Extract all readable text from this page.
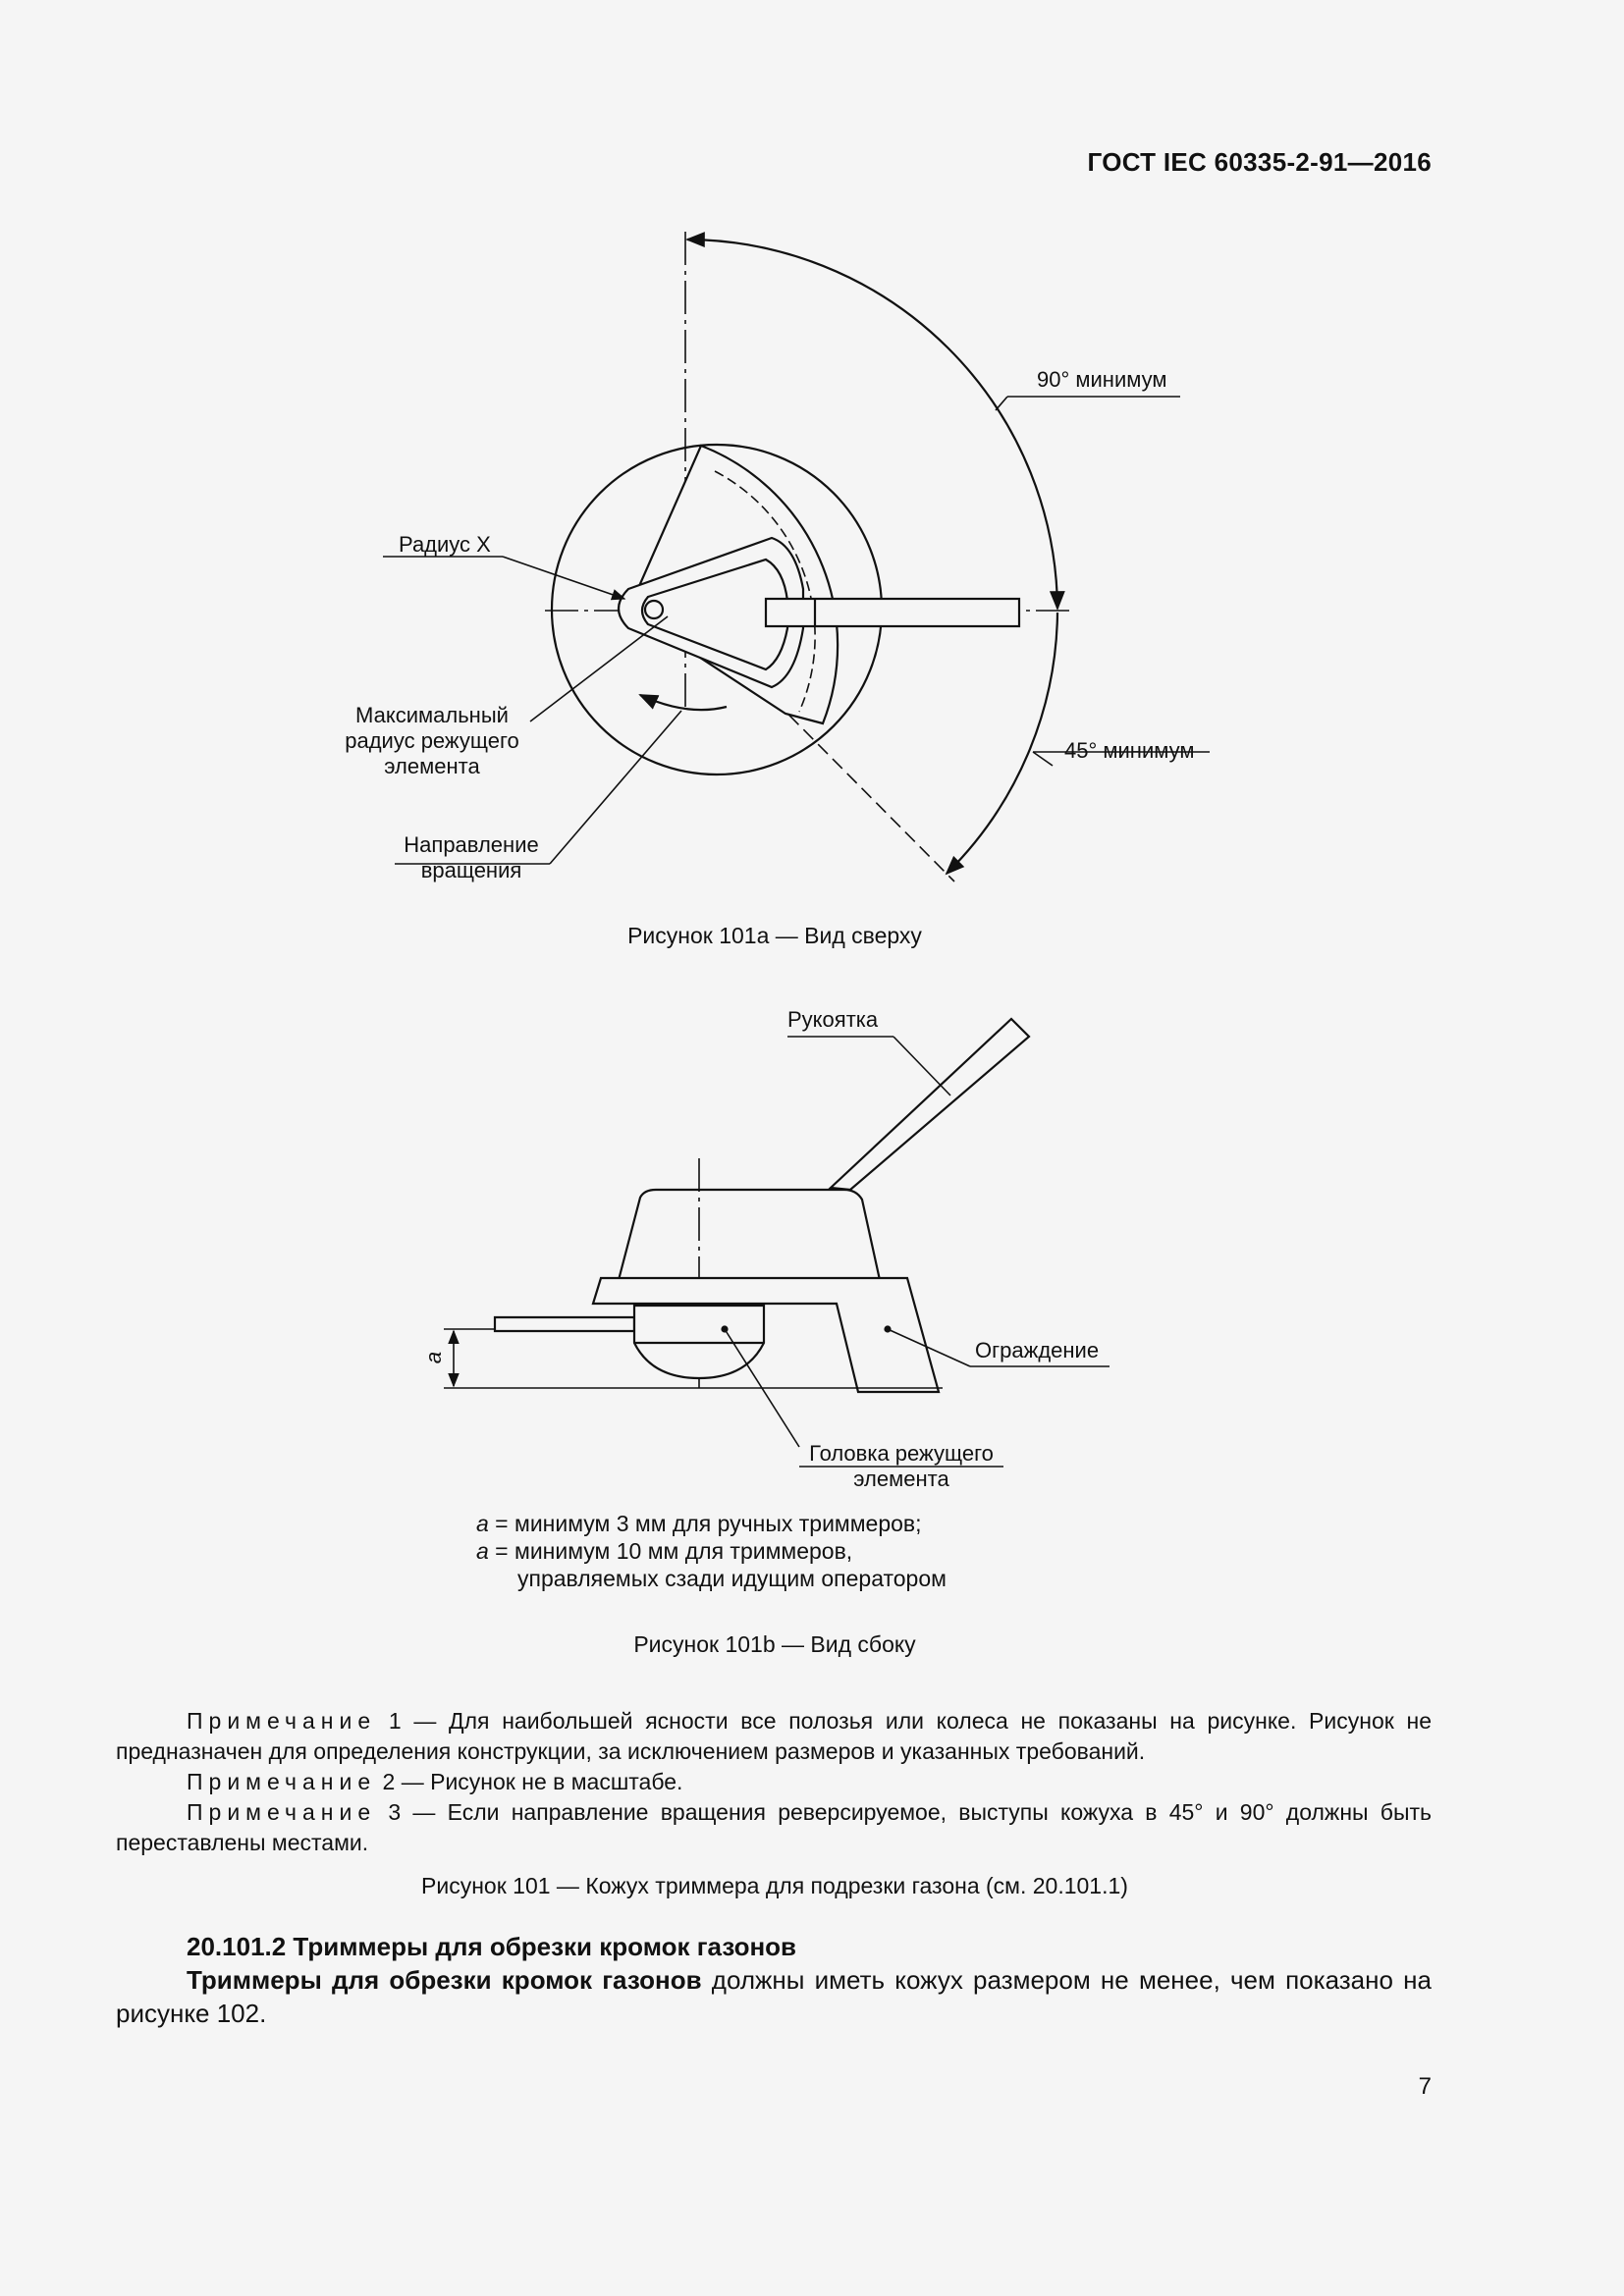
ГОСТ IEC 60335-2-91—2016
90° минимум
45° минимум
Радиус X
Максимальный радиус режущего элемента
Направление вращения
Рисунок 101a — Вид сверху
Рукоятка
Ограждение
Головка режущего элемента
a
a = минимум 3 мм для ручных триммеров;
a = минимум 10 мм для триммеров,
управляемых сзади идущим оператором
Рисунок 101b — Вид сбоку

Примечание 1 — Для наибольшей ясности все полозья или колеса не показаны на рисунке. Рисунок не предназначен для определения конструкции, за исключением размеров и указанных требований.

Примечание 2 — Рисунок не в масштабе.

Примечание 3 — Если направление вращения реверсируемое, выступы кожуха в 45° и 90° должны быть переставлены местами.

Рисунок 101 — Кожух триммера для подрезки газона (см. 20.101.1)

20.101.2 Триммеры для обрезки кромок газонов

Триммеры для обрезки кромок газонов должны иметь кожух размером не менее, чем показано на рисунке 102.

7
